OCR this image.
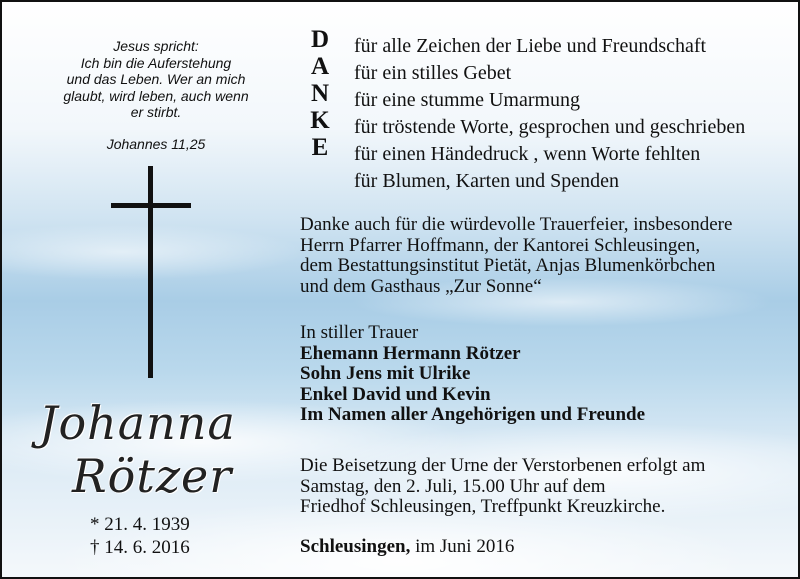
Jesus spricht:
Ich bin die Auferstehung
und das Leben. Wer an mich
glaubt, wird leben, auch wenn
er stirbt.
Johannes 11,25
Johanna
Rötzer
* 21. 4. 1939
† 14. 6. 2016
D
A
N
K
E
für alle Zeichen der Liebe und Freundschaft
für ein stilles Gebet
für eine stumme Umarmung
für tröstende Worte, gesprochen und geschrieben
für einen Händedruck , wenn Worte fehlten
für Blumen, Karten und Spenden
Danke auch für die würdevolle Trauerfeier, insbesondere
Herrn Pfarrer Hoffmann, der Kantorei Schleusingen,
dem Bestattungsinstitut Pietät, Anjas Blumenkörbchen
und dem Gasthaus „Zur Sonne“
In stiller Trauer
Ehemann Hermann Rötzer
Sohn Jens mit Ulrike
Enkel David und Kevin
Im Namen aller Angehörigen und Freunde
Die Beisetzung der Urne der Verstorbenen erfolgt am
Samstag, den 2. Juli, 15.00 Uhr auf dem
Friedhof Schleusingen, Treffpunkt Kreuzkirche.
Schleusingen, im Juni 2016
